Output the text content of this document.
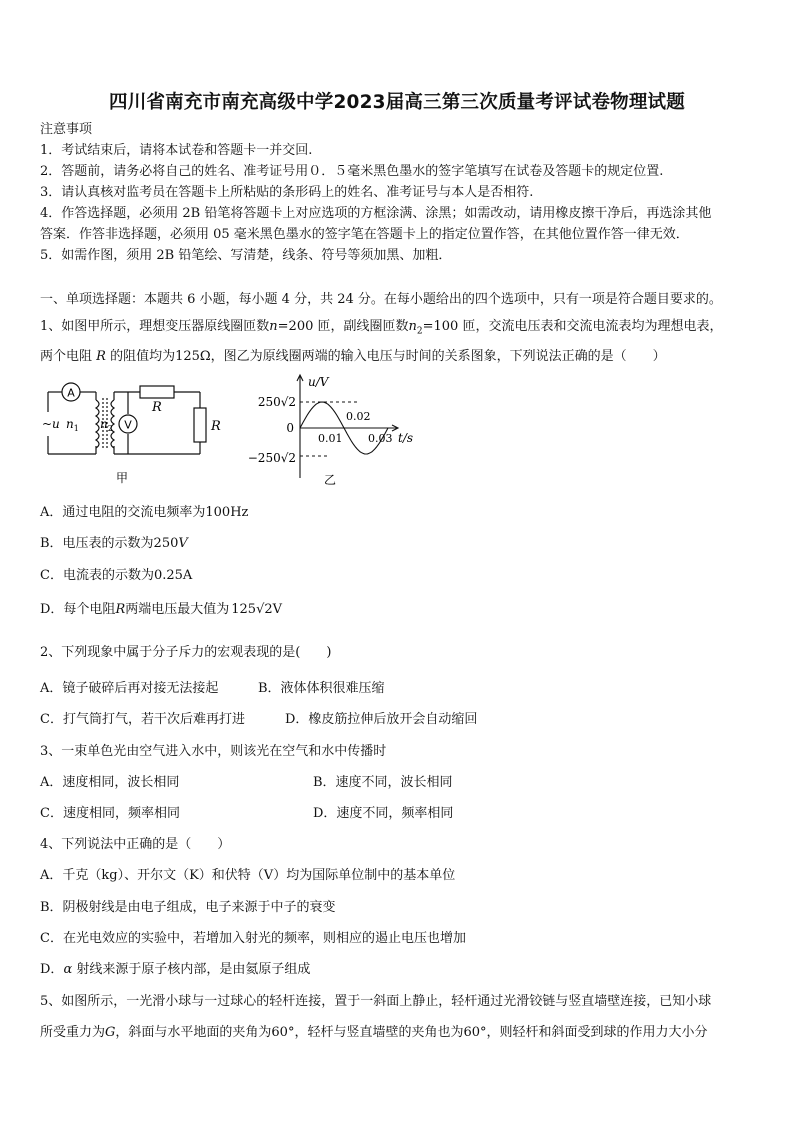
四川省南充市南充高级中学2023届高三第三次质量考评试卷物理试题
注意事项
1．考试结束后，请将本试卷和答题卡一并交回.
2．答题前，请务必将自己的姓名、准考证号用０．５毫米黑色墨水的签字笔填写在试卷及答题卡的规定位置.
3．请认真核对监考员在答题卡上所粘贴的条形码上的姓名、准考证号与本人是否相符.
4．作答选择题，必须用 2B 铅笔将答题卡上对应选项的方框涂满、涂黑；如需改动，请用橡皮擦干净后，再选涂其他
答案．作答非选择题，必须用 05 毫米黑色墨水的签字笔在答题卡上的指定位置作答，在其他位置作答一律无效．
5．如需作图，须用 2B 铅笔绘、写清楚，线条、符号等须加黑、加粗．
一、单项选择题：本题共 6 小题，每小题 4 分，共 24 分。在每小题给出的四个选项中，只有一项是符合题目要求的。
1、如图甲所示，理想变压器原线圈匝数n=200 匝，副线圈匝数$n_2=100$ 匝，交流电压表和交流电流表均为理想电表，
两个电阻 R 的阻值均为125Ω，图乙为原线圈两端的输入电压与时间的关系图象，下列说法正确的是（　　）
A
V
R
R
~u $n_1$ $n_2$
甲
u/V
t/s
250√2
−250√2
0
0.01
0.02
0.03
乙
A．通过电阻的交流电频率为100Hz
B．电压表的示数为250V
C．电流表的示数为0.25A
D．每个电阻R两端电压最大值为 125√2V
2、下列现象中属于分子斥力的宏观表现的是(　　)
A．镜子破碎后再对接无法接起	B．液体体积很难压缩
C．打气筒打气，若干次后难再打进	D．橡皮筋拉伸后放开会自动缩回
3、一束单色光由空气进入水中，则该光在空气和水中传播时
A．速度相同，波长相同	B．速度不同，波长相同
C．速度相同，频率相同	D．速度不同，频率相同
4、下列说法中正确的是（　　）
A．千克（kg）、开尔文（K）和伏特（V）均为国际单位制中的基本单位
B．阴极射线是由电子组成，电子来源于中子的衰变
C．在光电效应的实验中，若增加入射光的频率，则相应的遏止电压也增加
D．α 射线来源于原子核内部，是由氦原子组成
5、如图所示，一光滑小球与一过球心的轻杆连接，置于一斜面上静止，轻杆通过光滑铰链与竖直墙壁连接，已知小球
所受重力为G，斜面与水平地面的夹角为60°，轻杆与竖直墙壁的夹角也为60°，则轻杆和斜面受到球的作用力大小分
